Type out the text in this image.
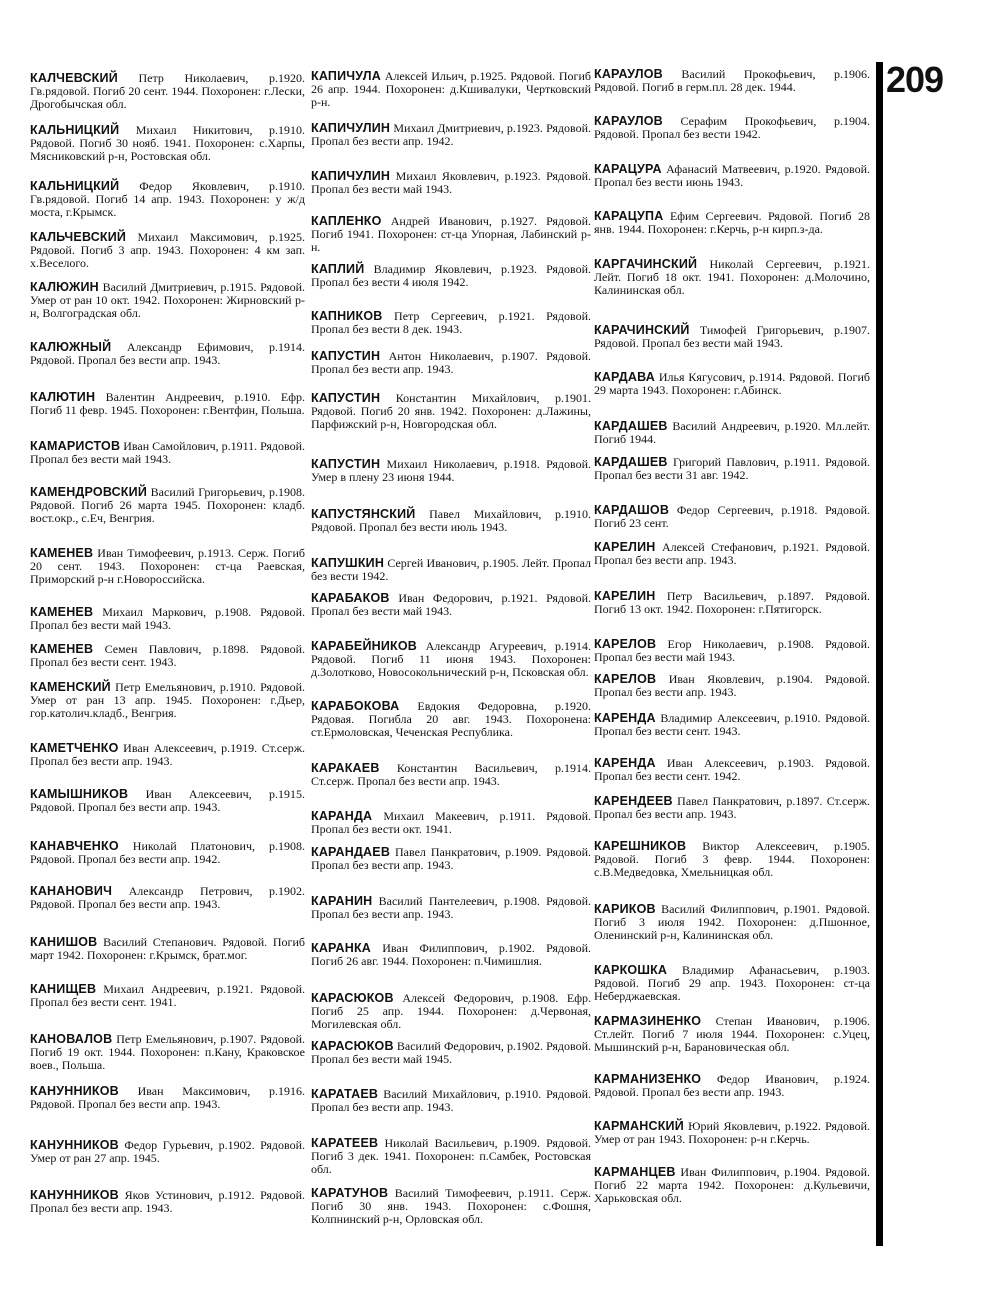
КАЛЧЕВСКИЙ Петр Николаевич, р.1920. Гв.рядовой. Погиб 20 сент. 1944. Похоронен: г.Лески, Дрогобычская обл.
КАЛЬНИЦКИЙ Михаил Никитович, р.1910. Рядовой. Погиб 30 нояб. 1941. Похоронен: с.Харпы, Мясниковский р-н, Ростовская обл.
КАЛЬНИЦКИЙ Федор Яковлевич, р.1910. Гв.рядовой. Погиб 14 апр. 1943. Похоронен: у ж/д моста, г.Крымск.
КАЛЬЧЕВСКИЙ Михаил Максимович, р.1925. Рядовой. Погиб 3 апр. 1943. Похоронен: 4 км зап. х.Веселого.
КАЛЮЖИН Василий Дмитриевич, р.1915. Рядовой. Умер от ран 10 окт. 1942. Похоронен: Жирновский р-н, Волгоградская обл.
КАЛЮЖНЫЙ Александр Ефимович, р.1914. Рядовой. Пропал без вести апр. 1943.
КАЛЮТИН Валентин Андреевич, р.1910. Ефр. Погиб 11 февр. 1945. Похоронен: г.Вентфин, Польша.
КАМАРИСТОВ Иван Самойлович, р.1911. Рядовой. Пропал без вести май 1943.
КАМЕНДРОВСКИЙ Василий Григорьевич, р.1908. Рядовой. Погиб 26 марта 1945. Похоронен: кладб. вост.окр., с.Еч, Венгрия.
КАМЕНЕВ Иван Тимофеевич, р.1913. Серж. Погиб 20 сент. 1943. Похоронен: ст-ца Раевская, Приморский р-н г.Новороссийска.
КАМЕНЕВ Михаил Маркович, р.1908. Рядовой. Пропал без вести май 1943.
КАМЕНЕВ Семен Павлович, р.1898. Рядовой. Пропал без вести сент. 1943.
КАМЕНСКИЙ Петр Емельянович, р.1910. Рядовой. Умер от ран 13 апр. 1945. Похоронен: г.Дьер, гор.католич.кладб., Венгрия.
КАМЕТЧЕНКО Иван Алексеевич, р.1919. Ст.серж. Пропал без вести апр. 1943.
КАМЫШНИКОВ Иван Алексеевич, р.1915. Рядовой. Пропал без вести апр. 1943.
КАНАВЧЕНКО Николай Платонович, р.1908. Рядовой. Пропал без вести апр. 1942.
КАНАНОВИЧ Александр Петрович, р.1902. Рядовой. Пропал без вести апр. 1943.
КАНИШОВ Василий Степанович. Рядовой. Погиб март 1942. Похоронен: г.Крымск, брат.мог.
КАНИЩЕВ Михаил Андреевич, р.1921. Рядовой. Пропал без вести сент. 1941.
КАНОВАЛОВ Петр Емельянович, р.1907. Рядовой. Погиб 19 окт. 1944. Похоронен: п.Кану, Краковское воев., Польша.
КАНУННИКОВ Иван Максимович, р.1916. Рядовой. Пропал без вести апр. 1943.
КАНУННИКОВ Федор Гурьевич, р.1902. Рядовой. Умер от ран 27 апр. 1945.
КАНУННИКОВ Яков Устинович, р.1912. Рядовой. Пропал без вести апр. 1943.
КАПИЧУЛА Алексей Ильич, р.1925. Рядовой. Погиб 26 апр. 1944. Похоронен: д.Кшивалуки, Чертковский р-н.
КАПИЧУЛИН Михаил Дмитриевич, р.1923. Рядовой. Пропал без вести апр. 1942.
КАПИЧУЛИН Михаил Яковлевич, р.1923. Рядовой. Пропал без вести май 1943.
КАПЛЕНКО Андрей Иванович, р.1927. Рядовой. Погиб 1941. Похоронен: ст-ца Упорная, Лабинский р-н.
КАПЛИЙ Владимир Яковлевич, р.1923. Рядовой. Пропал без вести 4 июля 1942.
КАПНИКОВ Петр Сергеевич, р.1921. Рядовой. Пропал без вести 8 дек. 1943.
КАПУСТИН Антон Николаевич, р.1907. Рядовой. Пропал без вести апр. 1943.
КАПУСТИН Константин Михайлович, р.1901. Рядовой. Погиб 20 янв. 1942. Похоронен: д.Лажины, Парфижский р-н, Новгородская обл.
КАПУСТИН Михаил Николаевич, р.1918. Рядовой. Умер в плену 23 июня 1944.
КАПУСТЯНСКИЙ Павел Михайлович, р.1910. Рядовой. Пропал без вести июль 1943.
КАПУШКИН Сергей Иванович, р.1905. Лейт. Пропал без вести 1942.
КАРАБАКОВ Иван Федорович, р.1921. Рядовой. Пропал без вести май 1943.
КАРАБЕЙНИКОВ Александр Агуреевич, р.1914. Рядовой. Погиб 11 июня 1943. Похоронен: д.Золотково, Новосокольнический р-н, Псковская обл.
КАРАБОКОВА Евдокия Федоровна, р.1920. Рядовая. Погибла 20 авг. 1943. Похоронена: ст.Ермоловская, Чеченская Республика.
КАРАКАЕВ Константин Васильевич, р.1914. Ст.серж. Пропал без вести апр. 1943.
КАРАНДА Михаил Макеевич, р.1911. Рядовой. Пропал без вести окт. 1941.
КАРАНДАЕВ Павел Панкратович, р.1909. Рядовой. Пропал без вести апр. 1943.
КАРАНИН Василий Пантелеевич, р.1908. Рядовой. Пропал без вести апр. 1943.
КАРАНКА Иван Филиппович, р.1902. Рядовой. Погиб 26 авг. 1944. Похоронен: п.Чимишлия.
КАРАСЮКОВ Алексей Федорович, р.1908. Ефр. Погиб 25 апр. 1944. Похоронен: д.Червоная, Могилевская обл.
КАРАСЮКОВ Василий Федорович, р.1902. Рядовой. Пропал без вести май 1945.
КАРАТАЕВ Василий Михайлович, р.1910. Рядовой. Пропал без вести апр. 1943.
КАРАТЕЕВ Николай Васильевич, р.1909. Рядовой. Погиб 3 дек. 1941. Похоронен: п.Самбек, Ростовская обл.
КАРАТУНОВ Василий Тимофеевич, р.1911. Серж. Погиб 30 янв. 1943. Похоронен: с.Фошня, Колпнинский р-н, Орловская обл.
КАРАУЛОВ Василий Прокофьевич, р.1906. Рядовой. Погиб в герм.пл. 28 дек. 1944.
КАРАУЛОВ Серафим Прокофьевич, р.1904. Рядовой. Пропал без вести 1942.
КАРАЦУРА Афанасий Матвеевич, р.1920. Рядовой. Пропал без вести июнь 1943.
КАРАЦУПА Ефим Сергеевич. Рядовой. Погиб 28 янв. 1944. Похоронен: г.Керчь, р-н кирп.з-да.
КАРГАЧИНСКИЙ Николай Сергеевич, р.1921. Лейт. Погиб 18 окт. 1941. Похоронен: д.Молочино, Калининская обл.
КАРАЧИНСКИЙ Тимофей Григорьевич, р.1907. Рядовой. Пропал без вести май 1943.
КАРДАВА Илья Кягусович, р.1914. Рядовой. Погиб 29 марта 1943. Похоронен: г.Абинск.
КАРДАШЕВ Василий Андреевич, р.1920. Мл.лейт. Погиб 1944.
КАРДАШЕВ Григорий Павлович, р.1911. Рядовой. Пропал без вести 31 авг. 1942.
КАРДАШОВ Федор Сергеевич, р.1918. Рядовой. Погиб 23 сент.
КАРЕЛИН Алексей Стефанович, р.1921. Рядовой. Пропал без вести апр. 1943.
КАРЕЛИН Петр Васильевич, р.1897. Рядовой. Погиб 13 окт. 1942. Похоронен: г.Пятигорск.
КАРЕЛОВ Егор Николаевич, р.1908. Рядовой. Пропал без вести май 1943.
КАРЕЛОВ Иван Яковлевич, р.1904. Рядовой. Пропал без вести апр. 1943.
КАРЕНДА Владимир Алексеевич, р.1910. Рядовой. Пропал без вести сент. 1943.
КАРЕНДА Иван Алексеевич, р.1903. Рядовой. Пропал без вести сент. 1942.
КАРЕНДЕЕВ Павел Панкратович, р.1897. Ст.серж. Пропал без вести апр. 1943.
КАРЕШНИКОВ Виктор Алексеевич, р.1905. Рядовой. Погиб 3 февр. 1944. Похоронен: с.В.Медведовка, Хмельницкая обл.
КАРИКОВ Василий Филиппович, р.1901. Рядовой. Погиб 3 июля 1942. Похоронен: д.Пшонное, Оленинский р-н, Калининская обл.
КАРКОШКА Владимир Афанасьевич, р.1903. Рядовой. Погиб 29 апр. 1943. Похоронен: ст-ца Неберджаевская.
КАРМАЗИНЕНКО Степан Иванович, р.1906. Ст.лейт. Погиб 7 июля 1944. Похоронен: с.Уцец, Мышинский р-н, Барановическая обл.
КАРМАНИЗЕНКО Федор Иванович, р.1924. Рядовой. Пропал без вести апр. 1943.
КАРМАНСКИЙ Юрий Яковлевич, р.1922. Рядовой. Умер от ран 1943. Похоронен: р-н г.Керчь.
КАРМАНЦЕВ Иван Филиппович, р.1904. Рядовой. Погиб 22 марта 1942. Похоронен: д.Кульевичи, Харьковская обл.
209
